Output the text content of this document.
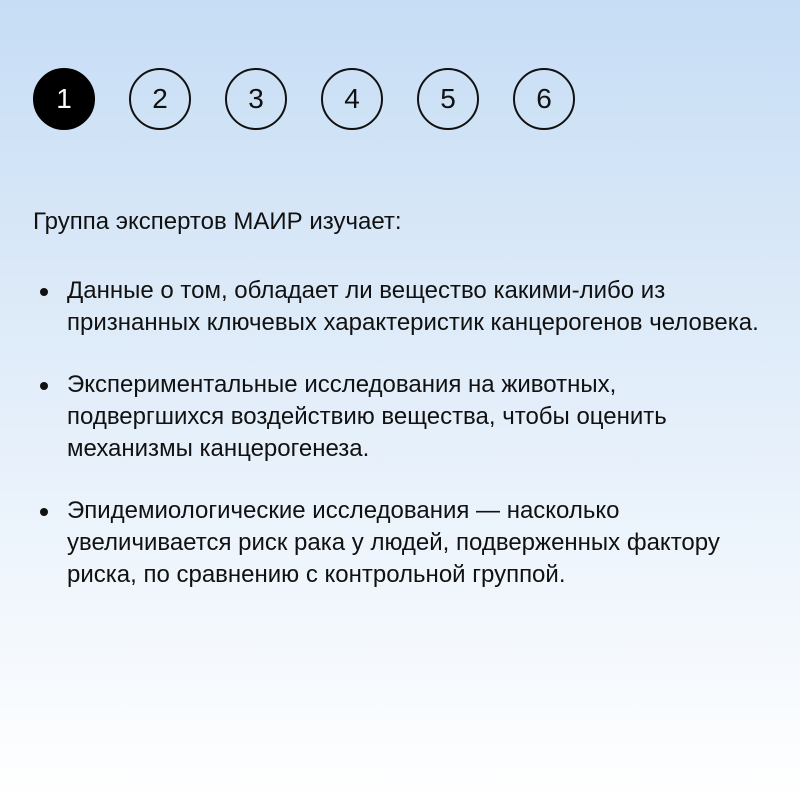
1	2	3	4	5	6

Группа экспертов МАИР изучает:

Данные о том, обладает ли вещество какими-либо из признанных ключевых характеристик канцерогенов человека.
Экспериментальные исследования на животных, подвергшихся воздействию вещества, чтобы оценить механизмы канцерогенеза.
Эпидемиологические исследования — насколько увеличивается риск рака у людей, подверженных фактору риска, по сравнению с контрольной группой.
